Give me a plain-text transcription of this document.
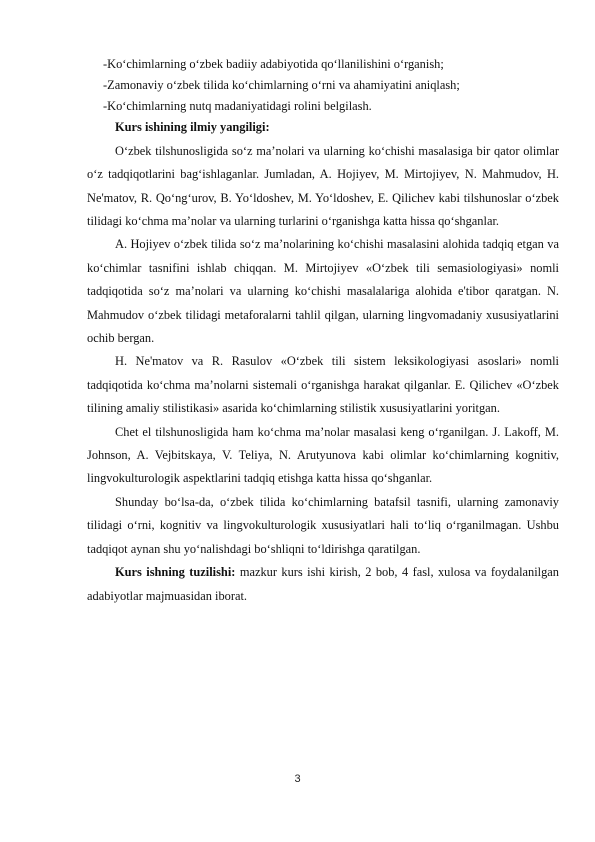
-Ko‘chimlarning o‘zbek badiiy adabiyotida qo‘llanilishini o‘rganish;

-Zamonaviy o‘zbek tilida ko‘chimlarning o‘rni va ahamiyatini aniqlash;

-Ko‘chimlarning nutq madaniyatidagi rolini belgilash.

Kurs ishining ilmiy yangiligi:

O‘zbek tilshunosligida so‘z ma’nolari va ularning ko‘chishi masalasiga bir qator olimlar o‘z tadqiqotlarini bag‘ishlaganlar. Jumladan, A. Hojiyev, M. Mirtojiyev, N. Mahmudov, H. Ne'matov, R. Qo‘ng‘urov, B. Yo‘ldoshev, M. Yo‘ldoshev, E. Qilichev kabi tilshunoslar o‘zbek tilidagi ko‘chma ma’nolar va ularning turlarini o‘rganishga katta hissa qo‘shganlar.

A. Hojiyev o‘zbek tilida so‘z ma’nolarining ko‘chishi masalasini alohida tadqiq etgan va ko‘chimlar tasnifini ishlab chiqqan. M. Mirtojiyev «O‘zbek tili semasiologiyasi» nomli tadqiqotida so‘z ma’nolari va ularning ko‘chishi masalalariga alohida e'tibor qaratgan. N. Mahmudov o‘zbek tilidagi metaforalarni tahlil qilgan, ularning lingvomadaniy xususiyatlarini ochib bergan.

H. Ne'matov va R. Rasulov «O‘zbek tili sistem leksikologiyasi asoslari» nomli tadqiqotida ko‘chma ma’nolarni sistemali o‘rganishga harakat qilganlar. E. Qilichev «O‘zbek tilining amaliy stilistikasi» asarida ko‘chimlarning stilistik xususiyatlarini yoritgan.

Chet el tilshunosligida ham ko‘chma ma’nolar masalasi keng o‘rganilgan. J. Lakoff, M. Johnson, A. Vejbitskaya, V. Teliya, N. Arutyunova kabi olimlar ko‘chimlarning kognitiv, lingvokulturologik aspektlarini tadqiq etishga katta hissa qo‘shganlar.

Shunday bo‘lsa-da, o‘zbek tilida ko‘chimlarning batafsil tasnifi, ularning zamonaviy tilidagi o‘rni, kognitiv va lingvokulturologik xususiyatlari hali to‘liq o‘rganilmagan. Ushbu tadqiqot aynan shu yo‘nalishdagi bo‘shliqni to‘ldirishga qaratilgan.

Kurs ishning tuzilishi: mazkur kurs ishi kirish, 2 bob, 4 fasl, xulosa va foydalanilgan adabiyotlar majmuasidan iborat.

3
